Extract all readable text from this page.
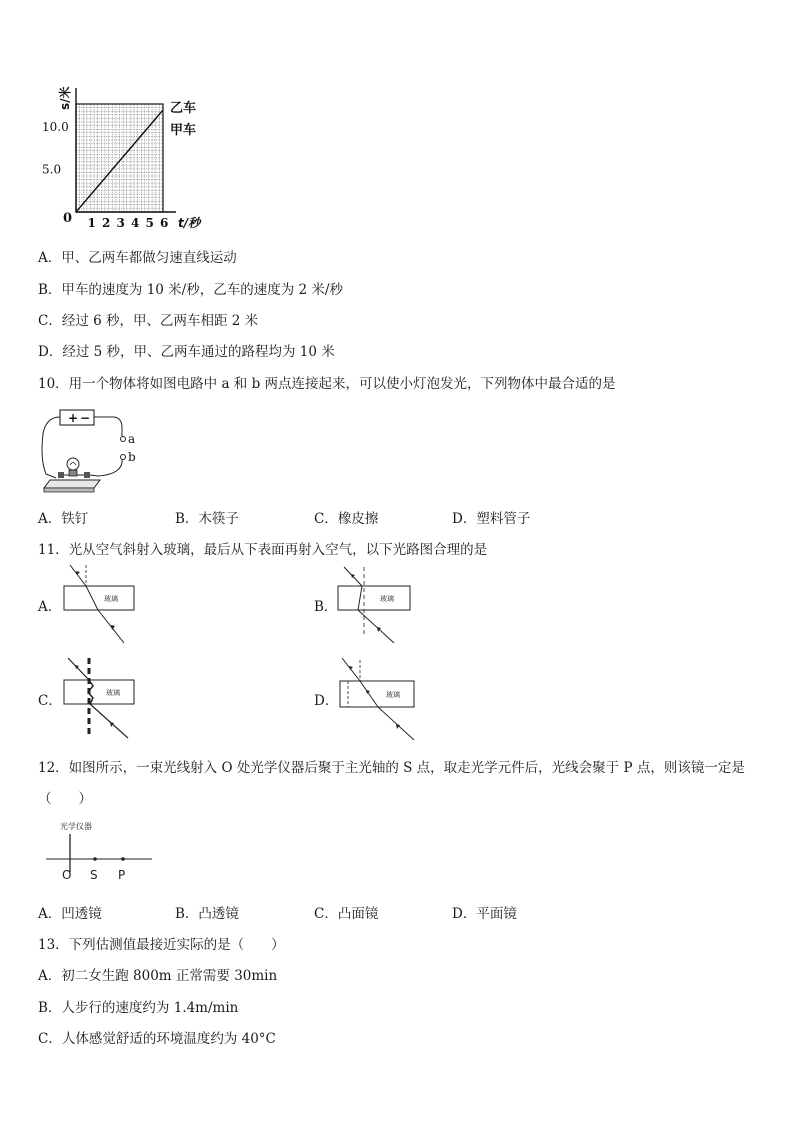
10.0
5.0
1 2 3 4 5 6
0
s/米
t/秒
乙车
甲车
A．甲、乙两车都做匀速直线运动
B．甲车的速度为 10 米/秒，乙车的速度为 2 米/秒
C．经过 6 秒，甲、乙两车相距 2 米
D．经过 5 秒，甲、乙两车通过的路程均为 10 米
10．用一个物体将如图电路中 a 和 b 两点连接起来，可以使小灯泡发光，下列物体中最合适的是
+ −
a
b
A．铁钉	B．木筷子	C．橡皮擦	D．塑料管子
11．光从空气斜射入玻璃，最后从下表面再射入空气，以下光路图合理的是
A．	玻璃	B．	玻璃
C．	玻璃	D．	玻璃
12．如图所示，一束光线射入 O 处光学仪器后聚于主光轴的 S 点，取走光学元件后，光线会聚于 P 点，则该镜一定是
（　　）
光学仪器
O S P
A．凹透镜	B．凸透镜	C．凸面镜	D．平面镜
13．下列估测值最接近实际的是（　　）
A．初二女生跑 800m 正常需要 30min
B．人步行的速度约为 1.4m/min
C．人体感觉舒适的环境温度约为 40°C
